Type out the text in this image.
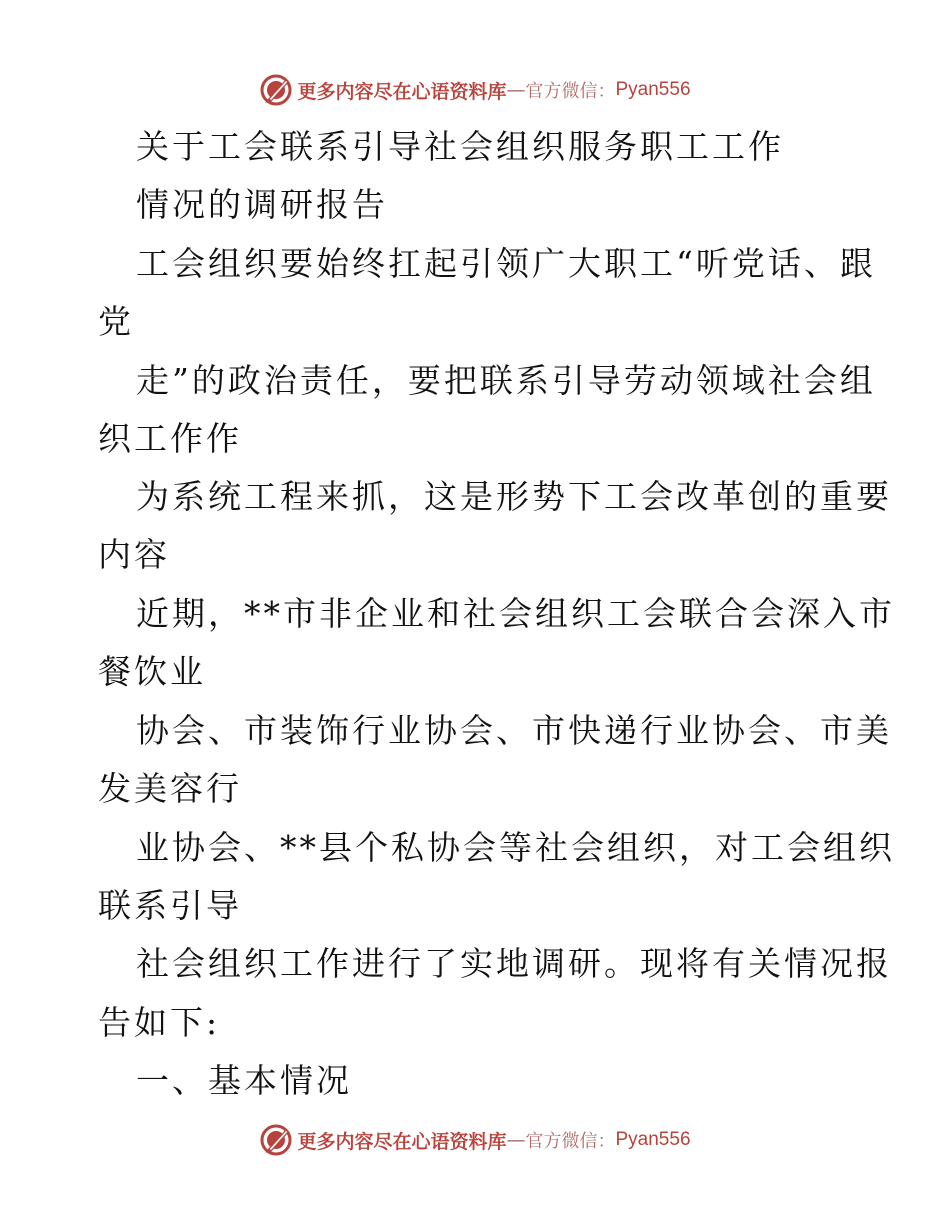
更多内容尽在心语资料库 — 官方微信： Pyan556

关于工会联系引导社会组织服务职工工作

情况的调研报告

工会组织要始终扛起引领广大职工“听党话、跟

党

走”的政治责任，要把联系引导劳动领域社会组

织工作作

为系统工程来抓，这是形势下工会改革创的重要

内容

近期，**市非企业和社会组织工会联合会深入市

餐饮业

协会、市装饰行业协会、市快递行业协会、市美

发美容行

业协会、**县个私协会等社会组织，对工会组织

联系引导

社会组织工作进行了实地调研。现将有关情况报

告如下:

一、基本情况

更多内容尽在心语资料库 — 官方微信： Pyan556
